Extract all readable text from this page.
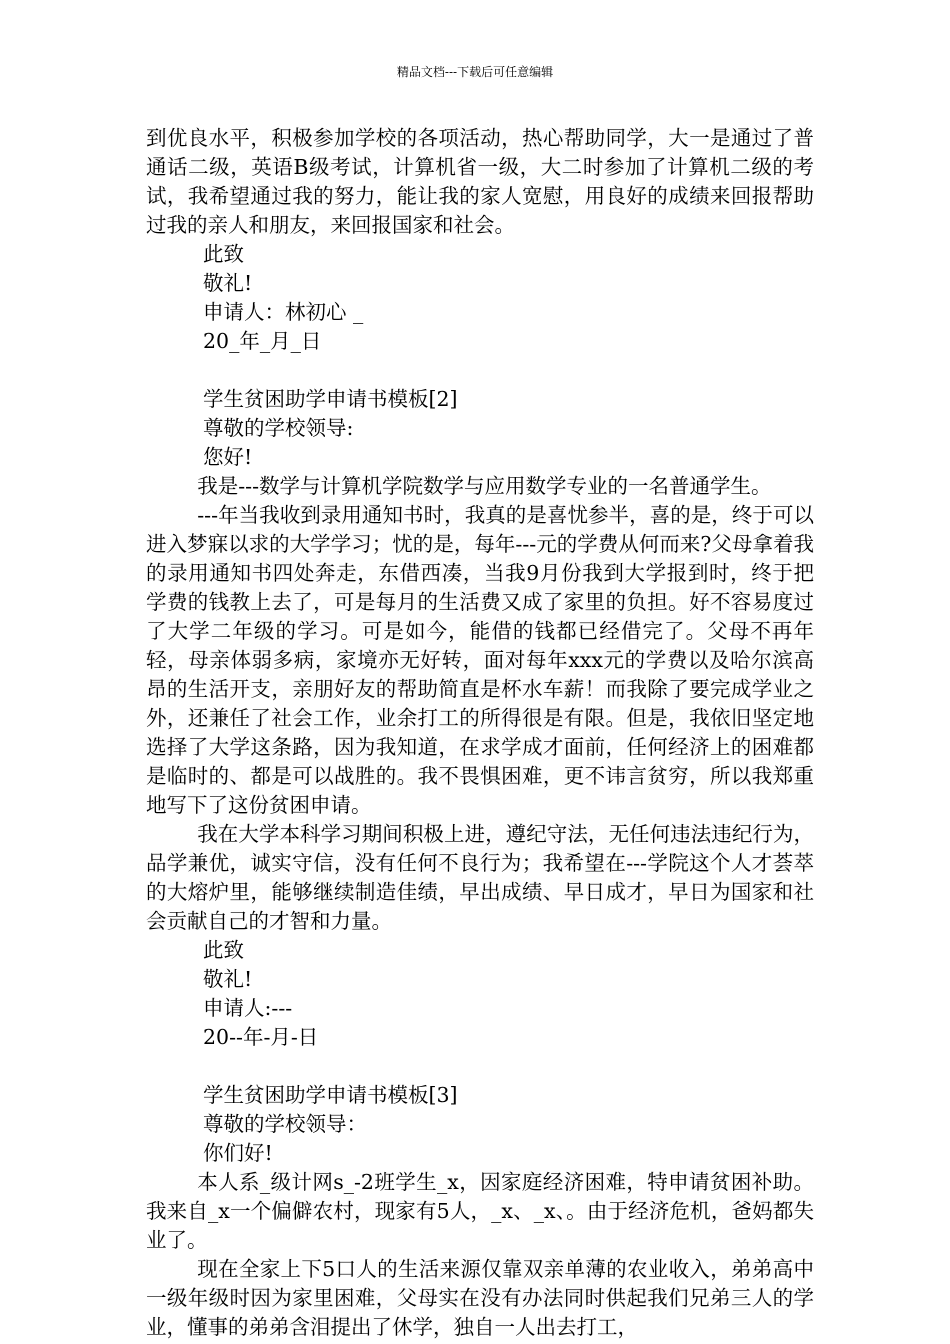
精品文档---下载后可任意编辑

到优良水平，积极参加学校的各项活动，热心帮助同学，大一是通过了普通话二级，英语B级考试，计算机省一级，大二时参加了计算机二级的考试，我希望通过我的努力，能让我的家人宽慰，用良好的成绩来回报帮助过我的亲人和朋友，来回报国家和社会。

此致

敬礼!

申请人：林初心 _

20_年_月_日

学生贫困助学申请书模板[2]

尊敬的学校领导:

您好!

我是---数学与计算机学院数学与应用数学专业的一名普通学生。

---年当我收到录用通知书时，我真的是喜忧参半，喜的是，终于可以进入梦寐以求的大学学习；忧的是，每年---元的学费从何而来?父母拿着我的录用通知书四处奔走，东借西凑，当我9月份我到大学报到时，终于把学费的钱教上去了，可是每月的生活费又成了家里的负担。好不容易度过了大学二年级的学习。可是如今，能借的钱都已经借完了。父母不再年轻，母亲体弱多病，家境亦无好转，面对每年xxx元的学费以及哈尔滨高昂的生活开支，亲朋好友的帮助简直是杯水车薪！而我除了要完成学业之外，还兼任了社会工作，业余打工的所得很是有限。但是，我依旧坚定地选择了大学这条路，因为我知道，在求学成才面前，任何经济上的困难都是临时的、都是可以战胜的。我不畏惧困难，更不讳言贫穷，所以我郑重地写下了这份贫困申请。

我在大学本科学习期间积极上进，遵纪守法，无任何违法违纪行为，品学兼优，诚实守信，没有任何不良行为；我希望在---学院这个人才荟萃的大熔炉里，能够继续制造佳绩，早出成绩、早日成才，早日为国家和社会贡献自己的才智和力量。

此致

敬礼!

申请人:---

20--年-月-日

学生贫困助学申请书模板[3]

尊敬的学校领导：

你们好!

本人系_级计网s_-2班学生_x，因家庭经济困难，特申请贫困补助。我来自_x一个偏僻农村，现家有5人，_x、_x、。由于经济危机，爸妈都失业了。

现在全家上下5口人的生活来源仅靠双亲单薄的农业收入，弟弟高中一级年级时因为家里困难，父母实在没有办法同时供起我们兄弟三人的学业，懂事的弟弟含泪提出了休学，独自一人出去打工，
